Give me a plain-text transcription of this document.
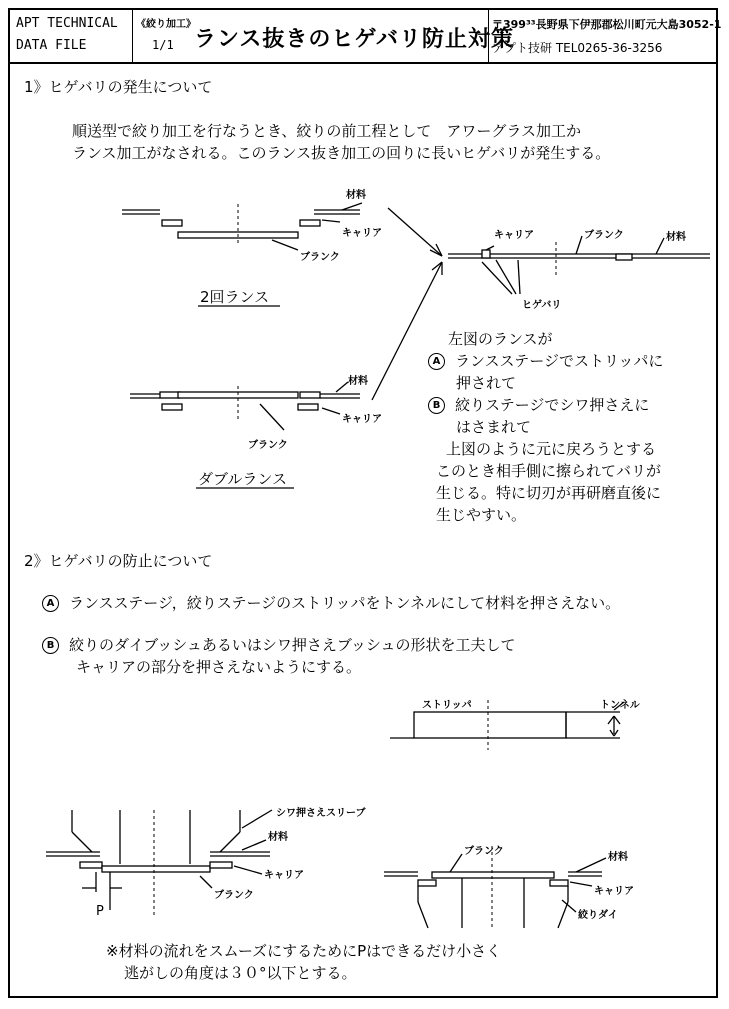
APT TECHNICAL
DATA FILE
《絞り加工》
1/1 ランス抜きのヒゲバリ防止対策
〒399³³長野県下伊那郡松川町元大島3052-1
アプト技研 TEL0265-36-3256
1》ヒゲバリの発生について
順送型で絞り加工を行なうとき、絞りの前工程として　アワーグラス加工か
ランス加工がなされる。このランス抜き加工の回りに長いヒゲバリが発生する。
材料
キャリア
ブランク
2回ランス
材料
キャリア
ブランク
ダブルランス
キャリア	ブランク	材料
ヒゲバリ
左図のランスが
A ランスステージでストリッパに
押されて
B 絞りステージでシワ押さえに
はさまれて
上図のように元に戻ろうとする
このとき相手側に擦られてバリが
生じる。特に切刃が再研磨直後に
生じやすい。
2》ヒゲバリの防止について
A ランスステージ，絞りステージのストリッパをトンネルにして材料を押さえない。
B 絞りのダイブッシュあるいはシワ押さえブッシュの形状を工夫して
キャリアの部分を押さえないようにする。
ストリッパ	トンネル
シワ押さえスリーブ
材料
キャリア
ブランク
P
ブランク
材料
キャリア
絞りダイ
※材料の流れをスムーズにするためにPはできるだけ小さく
逃がしの角度は３０°以下とする。
